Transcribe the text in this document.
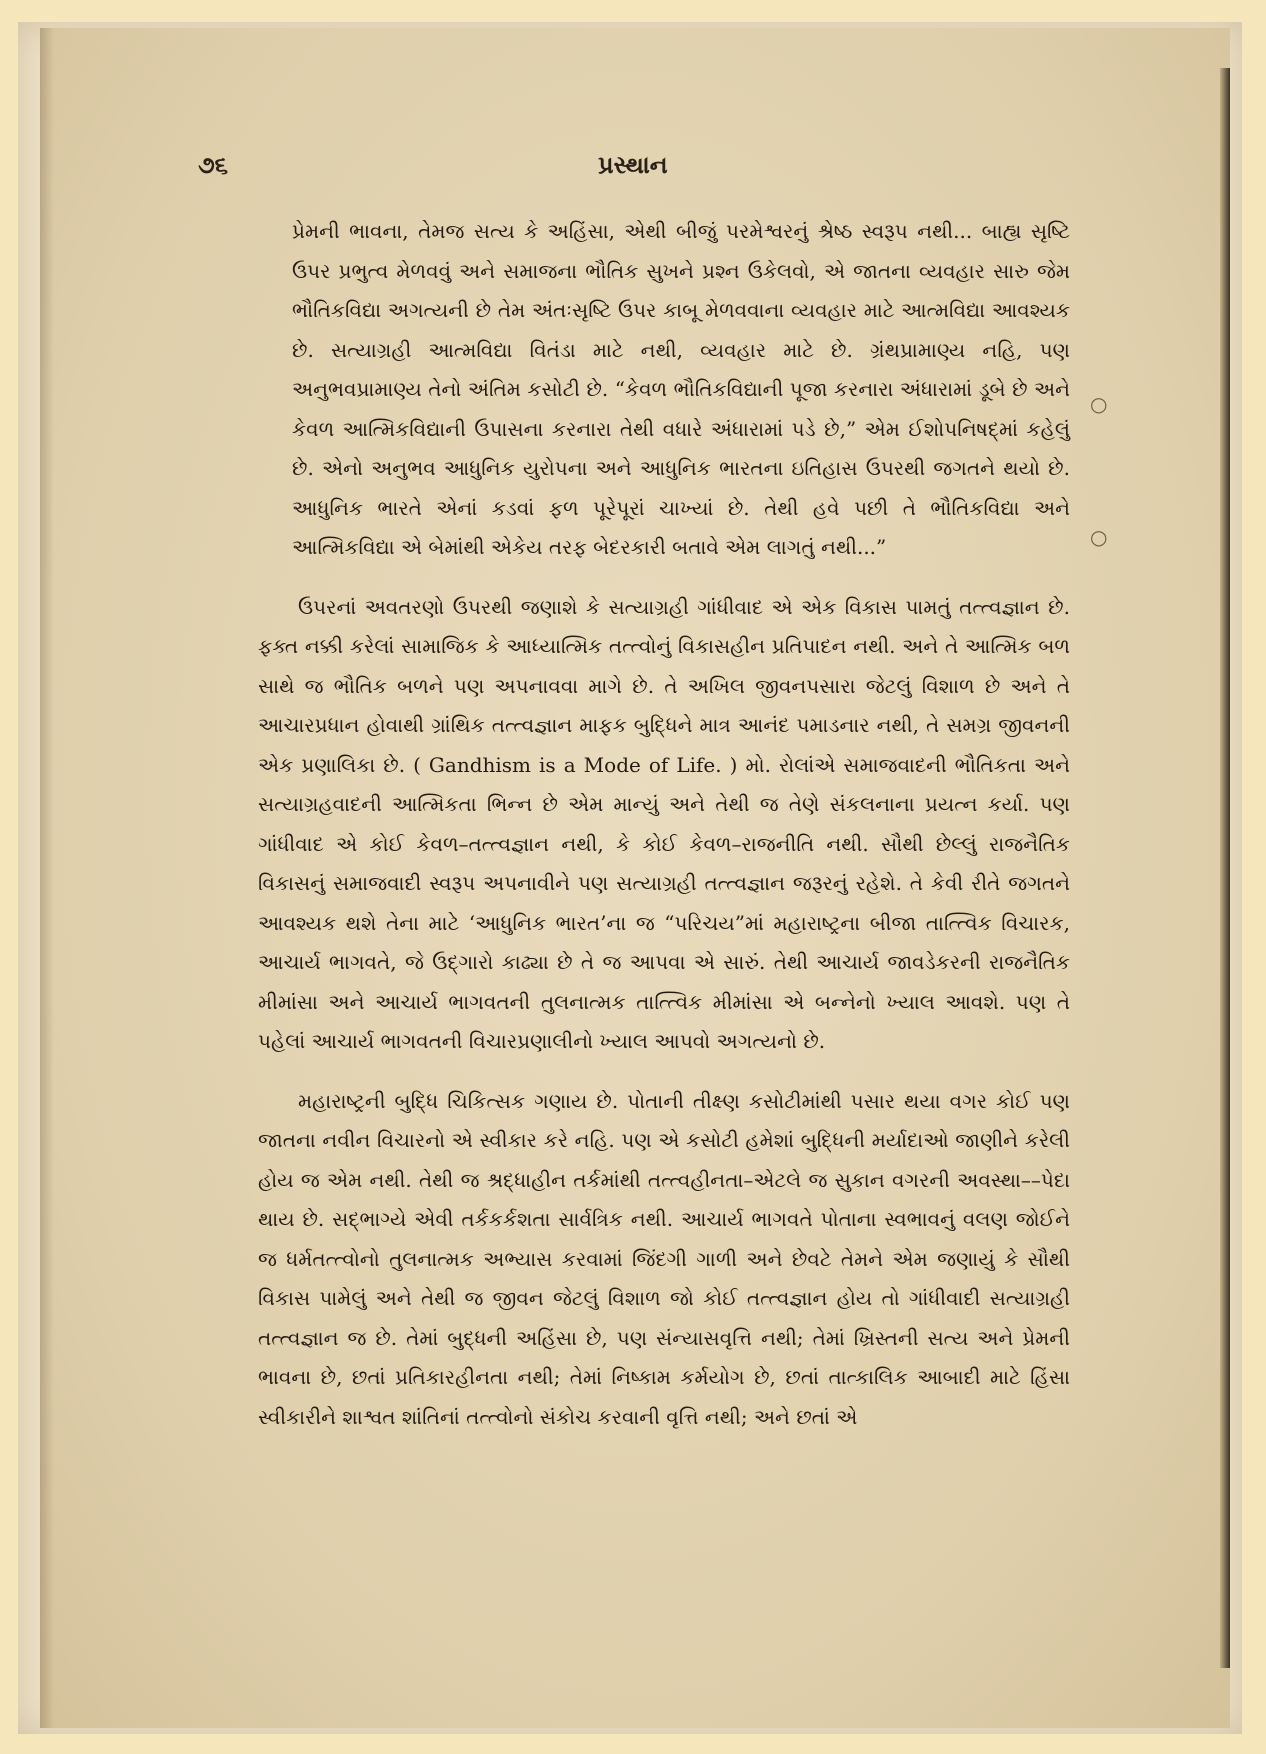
૭૬	પ્રસ્થાન

પ્રેમની ભાવના, તેમજ સત્ય કે અહિંસા, એથી બીજું પરમેશ્વરનું શ્રેષ્ઠ સ્વરૂપ નથી... બાહ્ય સૃષ્ટિ ઉપર પ્રભુત્વ મેળવવું અને સમાજના ભૌતિક સુખને પ્રશ્ન ઉકેલવો, એ જાતના વ્યવહાર સારુ જેમ ભૌતિકવિદ્યા અગત્યની છે તેમ અંતઃસૃષ્ટિ ઉપર કાબૂ મેળવવાના વ્યવહાર માટે આત્મવિદ્યા આવશ્યક છે. સત્યાગ્રહી આત્મવિદ્યા વિતંડા માટે નથી, વ્યવહાર માટે છે. ગ્રંથપ્રામાણ્ય નહિ, પણ અનુભવપ્રામાણ્ય તેનો અંતિમ કસોટી છે. “કેવળ ભૌતિકવિદ્યાની પૂજા કરનારા અંધારામાં ડૂબે છે અને કેવળ આત્મિકવિદ્યાની ઉપાસના કરનારા તેથી વધારે અંધારામાં પડે છે,” એમ ઈશોપનિષદ્‌માં કહેલું છે. એનો અનુભવ આધુનિક યુરોપના અને આધુનિક ભારતના ઇતિહાસ ઉપરથી જગતને થયો છે. આધુનિક ભારતે એનાં કડવાં ફળ પૂરેપૂરાં ચાખ્યાં છે. તેથી હવે પછી તે ભૌતિકવિદ્યા અને આત્મિકવિદ્યા એ બેમાંથી એકેય તરફ બેદરકારી બતાવે એમ લાગતું નથી...”

ઉપરનાં અવતરણો ઉપરથી જણાશે કે સત્યાગ્રહી ગાંધીવાદ એ એક વિકાસ પામતું તત્ત્વજ્ઞાન છે. ફક્ત નક્કી કરેલાં સામાજિક કે આધ્યાત્મિક તત્ત્વોનું વિકાસહીન પ્રતિપાદન નથી. અને તે આત્મિક બળ સાથે જ ભૌતિક બળને પણ અપનાવવા માગે છે. તે અખિલ જીવનપસારા જેટલું વિશાળ છે અને તે આચારપ્રધાન હોવાથી ગ્રાંથિક તત્ત્વજ્ઞાન માફક બુદ્ધિને માત્ર આનંદ પમાડનાર નથી, તે સમગ્ર જીવનની એક પ્રણાલિકા છે. ( Gandhism is a Mode of Life. ) મો. રોલાંએ સમાજવાદની ભૌતિકતા અને સત્યાગ્રહવાદની આત્મિકતા ભિન્ન છે એમ માન્યું અને તેથી જ તેણે સંકલનાના પ્રયત્ન કર્યા. પણ ગાંધીવાદ એ કોઈ કેવળ–તત્ત્વજ્ઞાન નથી, કે કોઈ કેવળ–રાજનીતિ નથી. સૌથી છેલ્લું રાજનૈતિક વિકાસનું સમાજવાદી સ્વરૂપ અપનાવીને પણ સત્યાગ્રહી તત્ત્વજ્ઞાન જરૂરનું રહેશે. તે કેવી રીતે જગતને આવશ્યક થશે તેના માટે ‘આધુનિક ભારત’ના જ “પરિચય”માં મહારાષ્ટ્રના બીજા તાત્ત્વિક વિચારક, આચાર્ય ભાગવતે, જે ઉદ્ગારો કાઢ્યા છે તે જ આપવા એ સારું. તેથી આચાર્ય જાવડેકરની રાજનૈતિક મીમાંસા અને આચાર્ય ભાગવતની તુલનાત્મક તાત્ત્વિક મીમાંસા એ બન્નેનો ખ્યાલ આવશે. પણ તે પહેલાં આચાર્ય ભાગવતની વિચારપ્રણાલીનો ખ્યાલ આપવો અગત્યનો છે.

મહારાષ્ટ્રની બુદ્ધિ ચિકિત્સક ગણાય છે. પોતાની તીક્ષ્ણ કસોટીમાંથી પસાર થયા વગર કોઈ પણ જાતના નવીન વિચારનો એ સ્વીકાર કરે નહિ. પણ એ કસોટી હમેશાં બુદ્ધિની મર્યાદાઓ જાણીને કરેલી હોય જ એમ નથી. તેથી જ શ્રદ્ધાહીન તર્કમાંથી તત્ત્વહીનતા–એટલે જ સુકાન વગરની અવસ્થા––પેદા થાય છે. સદ્ભાગ્યે એવી તર્કકર્કશતા સાર્વત્રિક નથી. આચાર્ય ભાગવતે પોતાના સ્વભાવનું વલણ જોઈને જ ધર્મતત્ત્વોનો તુલનાત્મક અભ્યાસ કરવામાં જિંદગી ગાળી અને છેવટે તેમને એમ જણાયું કે સૌથી વિકાસ પામેલું અને તેથી જ જીવન જેટલું વિશાળ જો કોઈ તત્ત્વજ્ઞાન હોય તો ગાંધીવાદી સત્યાગ્રહી તત્ત્વજ્ઞાન જ છે. તેમાં બુદ્ધની અહિંસા છે, પણ સંન્યાસવૃત્તિ નથી; તેમાં ખ્રિસ્તની સત્ય અને પ્રેમની ભાવના છે, છતાં પ્રતિકારહીનતા નથી; તેમાં નિષ્કામ કર્મયોગ છે, છતાં તાત્કાલિક આબાદી માટે હિંસા સ્વીકારીને શાશ્વત શાંતિનાં તત્ત્વોનો સંકોચ કરવાની વૃત્તિ નથી; અને છતાં એ

○
○
